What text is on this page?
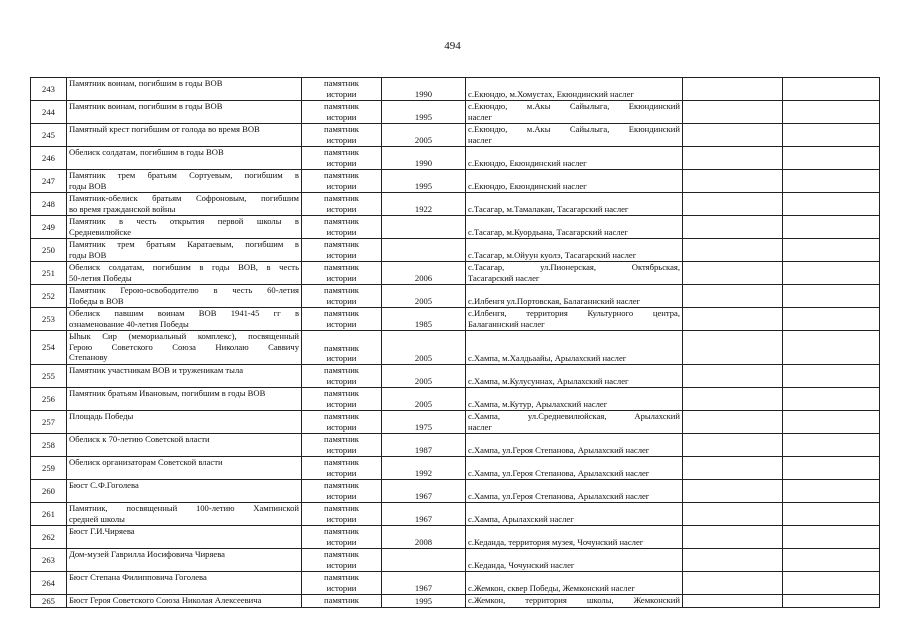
494
243	Памятник воинам, погибшим в годы ВОВ	памятник
истории	1990	с.Екюндю, м.Хомустах, Екюндинский наслег		

244	Памятник воинам, погибшим в годы ВОВ	памятник
истории	1995	с.Екюндю, м.Акы Сайылыга, Екюндинский
наслег		

245	Памятный крест погибшим от голода во время ВОВ	памятник
истории	2005	с.Екюндю, м.Акы Сайылыга, Екюндинский
наслег		

246	Обелиск солдатам, погибшим в годы ВОВ	памятник
истории	1990	с.Екюндю, Екюндинский наслег		

247	Памятник трем братьям Сортуевым, погибшим в
годы ВОВ	памятник
истории	1995	с.Екюндю, Екюндинский наслег		

248	Памятник-обелиск братьям Софроновым, погибшим
во время гражданской войны	памятник
истории	1922	с.Тасагар, м.Тамалакан, Тасагарский наслег		

249	Памятник в честь открытия первой школы в
Средневилюйске	памятник
истории		с.Тасагар, м.Куордьана, Тасагарский наслег		

250	Памятник трем братьям Каратаевым, погибшим в
годы ВОВ	памятник
истории		с.Тасагар, м.Ойуун куолэ, Тасагарский наслег		

251	Обелиск солдатам, погибшим в годы ВОВ, в честь
50-летия Победы	памятник
истории	2006	с.Тасагар, ул.Пионерская, Октябрьская,
Тасагарский наслег		

252	Памятник Герою-освободителю в честь 60-летия
Победы в ВОВ	памятник
истории	2005	с.Илбенгя ул.Портовская, Балаганнский наслег		

253	Обелиск павшим воинам ВОВ 1941-45 гг в
ознаменование 40-летия Победы	памятник
истории	1985	с.Илбенгя, территория Культурного центра,
Балаганнский наслег		

254	Ыһык Сир (мемориальный комплекс), посвященный
Герою Советского Союза Николаю Саввичу
Степанову	памятник
истории	2005	с.Хампа, м.Халдьаайы, Арылахский наслег		

255	Памятник участникам ВОВ и труженикам тыла	памятник
истории	2005	с.Хампа, м.Кулусуннах, Арылахский наслег		

256	Памятник братьям Ивановым, погибшим в годы ВОВ	памятник
истории	2005	с.Хампа, м.Кутур, Арылахский наслег		

257	Площадь Победы	памятник
истории	1975	с.Хампа, ул.Средневилюйская, Арылахский
наслег		

258	Обелиск к 70-летию Советской власти	памятник
истории	1987	с.Хампа, ул.Героя Степанова, Арылахский наслег		

259	Обелиск организаторам Советской власти	памятник
истории	1992	с.Хампа, ул.Героя Степанова, Арылахский наслег		

260	Бюст С.Ф.Гоголева	памятник
истории	1967	с.Хампа, ул.Героя Степанова, Арылахский наслег		

261	Памятник, посвященный 100-летию Хампинской
средней школы	памятник
истории	1967	с.Хампа, Арылахский наслег		

262	Бюст Г.И.Чиряева	памятник
истории	2008	с.Кеданда, территория музея, Чочунский наслег		

263	Дом-музей Гаврилла Иосифовича Чиряева	памятник
истории		с.Кеданда, Чочунский наслег		

264	Бюст Степана Филипповича Гоголева	памятник
истории	1967	с.Жемкон, сквер Победы, Жемконский наслег		

265	Бюст Героя Советского Союза Николая Алексеевича	памятник	1995	с.Жемкон, территория школы, Жемконский		
